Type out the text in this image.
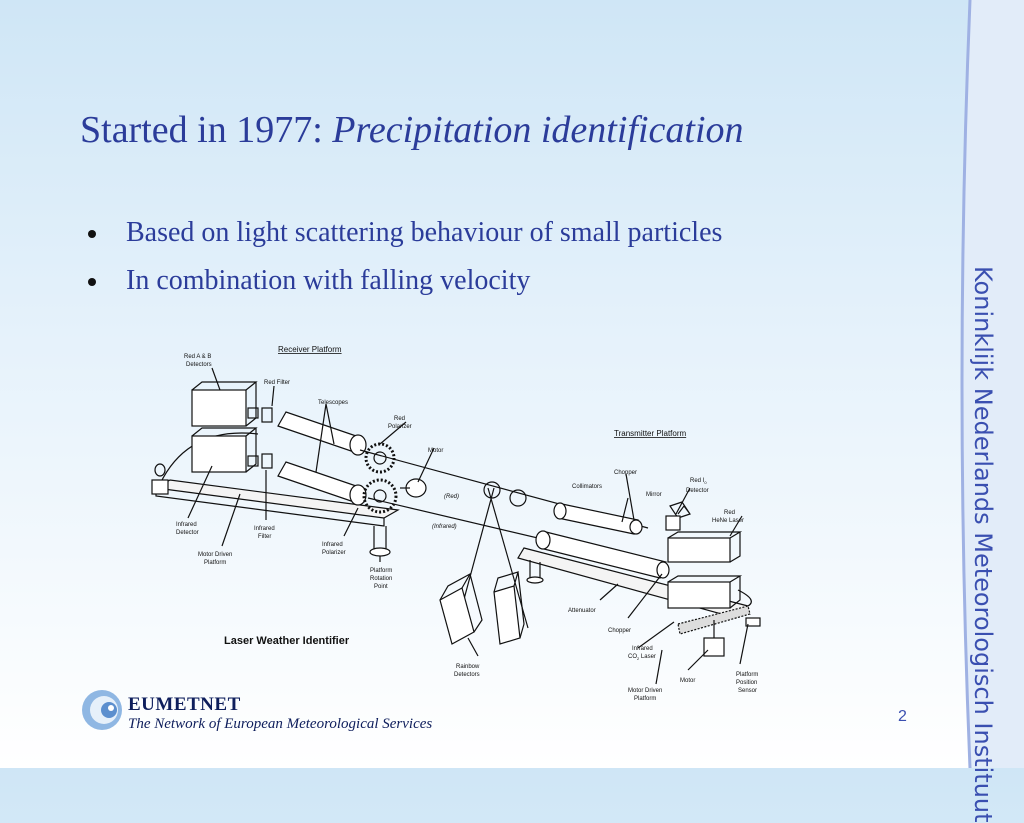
Started in 1977: Precipitation identification
Based on light scattering behaviour of small particles
In combination with falling velocity
Receiver Platform
Red A & B
Detectors
Red Filter
Telescopes
Red
Polarizer
Motor
(Red)
(Infrared)
Infrared
Detector
Infrared
Filter
Infrared
Polarizer
Motor Driven
Platform
Platform
Rotation
Point
Transmitter Platform
Chopper
Collimators
Mirror
Red $I_0$
Detector
Red
HeNe Laser
Attenuator
Chopper
Infrared
$CO_2$ Laser
Rainbow
Detectors
Motor
Platform
Position
Sensor
Motor Driven
Platform
Laser Weather Identifier
EUMETNET
The Network of European Meteorological Services	2
